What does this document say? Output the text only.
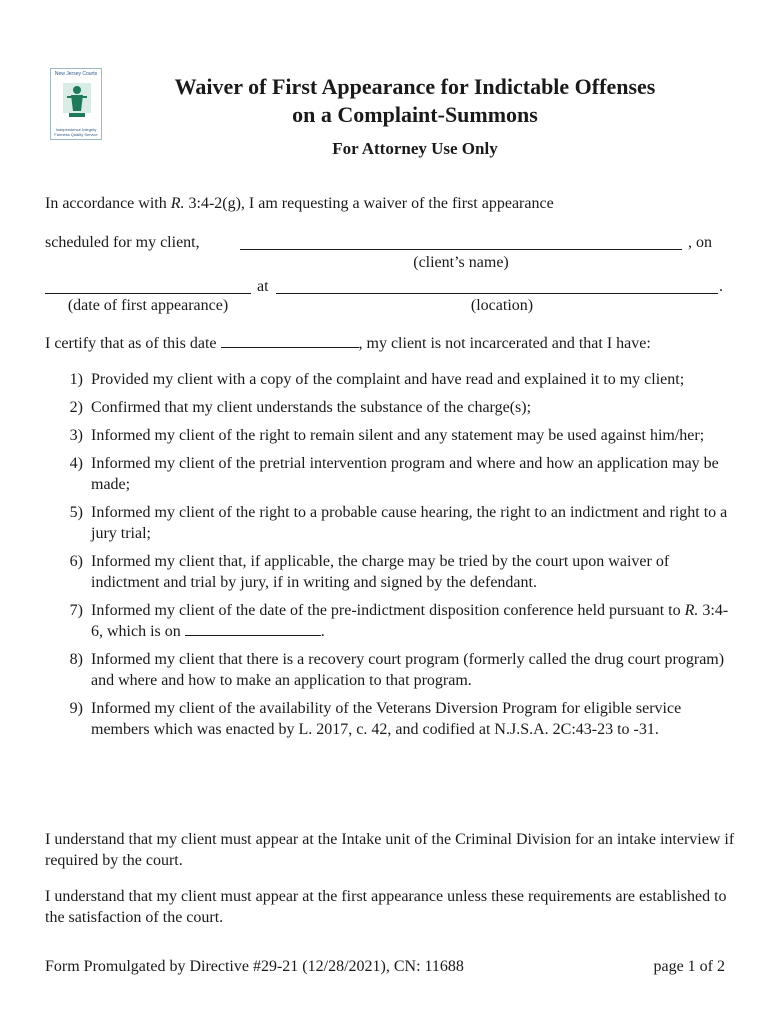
New Jersey Courts
Independence Integrity Fairness Quality Service
Waiver of First Appearance for Indictable Offenses
on a Complaint-Summons

For Attorney Use Only

In accordance with R. 3:4-2(g), I am requesting a waiver of the first appearance

scheduled for my client,	, on

(client’s name)

at	.

(date of first appearance)	(location)

I certify that as of this date	, my client is not incarcerated and that I have:

1) Provided my client with a copy of the complaint and have read and explained it to my client;
2) Confirmed that my client understands the substance of the charge(s);
3) Informed my client of the right to remain silent and any statement may be used against him/her;
4) Informed my client of the pretrial intervention program and where and how an application may be made;
5) Informed my client of the right to a probable cause hearing, the right to an indictment and right to a jury trial;
6) Informed my client that, if applicable, the charge may be tried by the court upon waiver of indictment and trial by jury, if in writing and signed by the defendant.
7) Informed my client of the date of the pre-indictment disposition conference held pursuant to R. 3:4-6, which is on	.
8) Informed my client that there is a recovery court program (formerly called the drug court program) and where and how to make an application to that program.
9) Informed my client of the availability of the Veterans Diversion Program for eligible service members which was enacted by L. 2017, c. 42, and codified at N.J.S.A. 2C:43-23 to -31.

I understand that my client must appear at the Intake unit of the Criminal Division for an intake interview if required by the court.

I understand that my client must appear at the first appearance unless these requirements are established to the satisfaction of the court.

Form Promulgated by Directive #29-21 (12/28/2021), CN: 11688	page 1 of 2
